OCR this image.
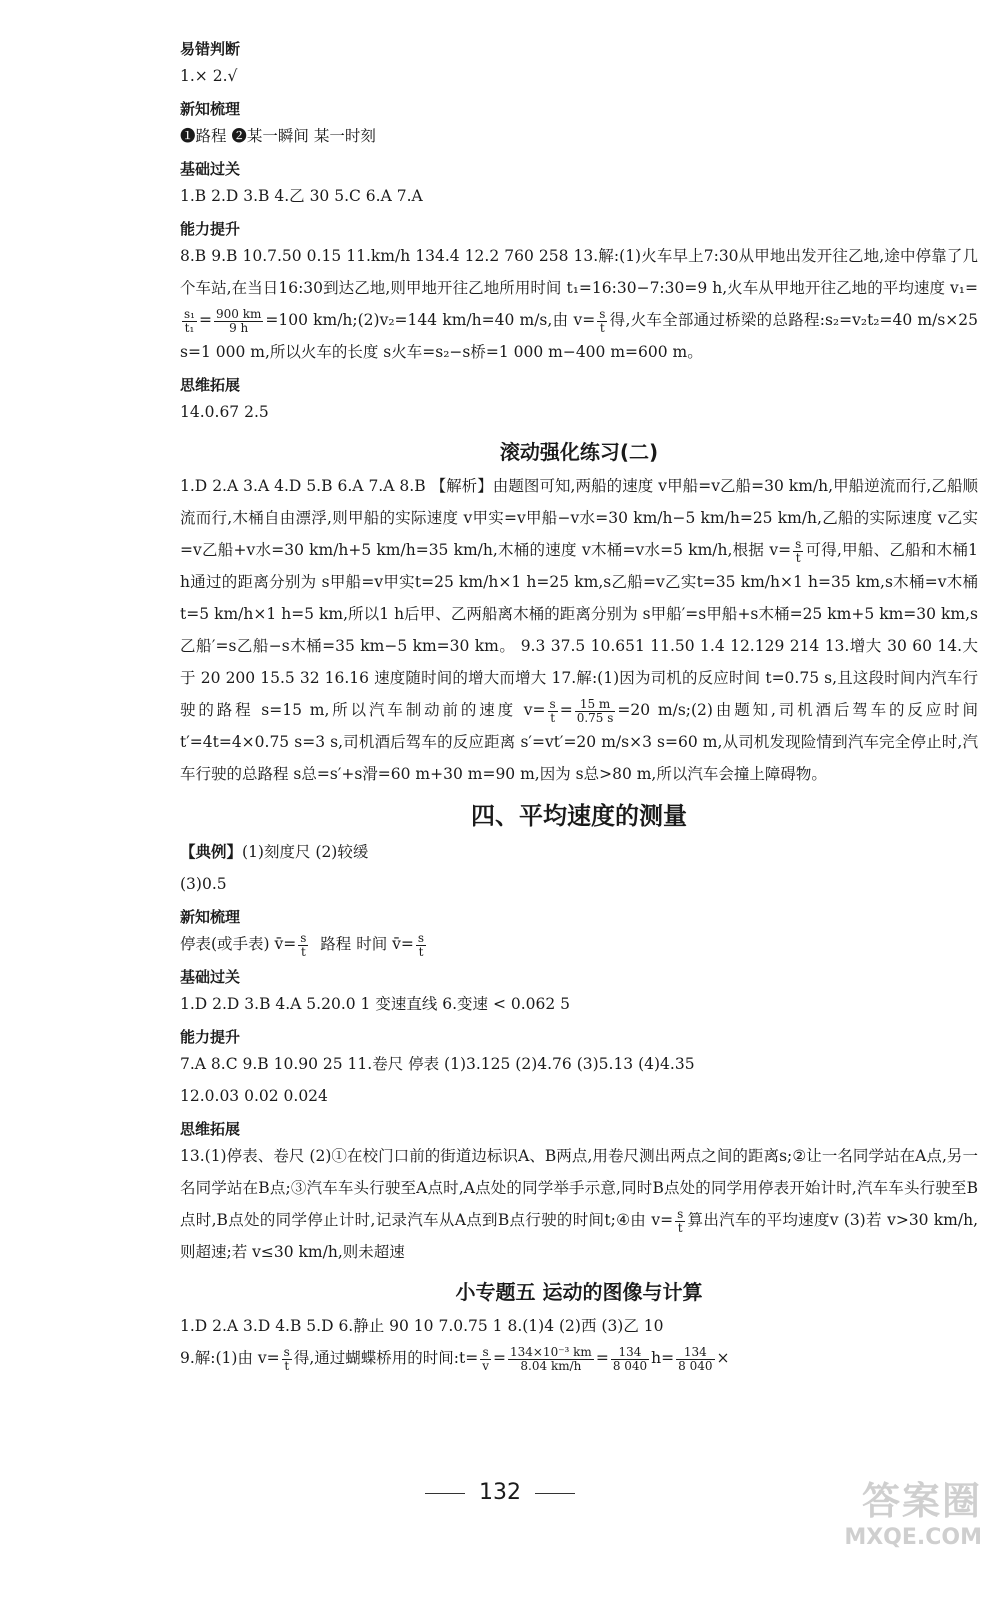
易错判断

1.× 2.√

新知梳理

❶路程 ❷某一瞬间 某一时刻

基础过关

1.B 2.D 3.B 4.乙 30 5.C 6.A 7.A

能力提升

8.B 9.B 10.7.50 0.15 11.km/h 134.4 12.2 760 258 13.解:(1)火车早上7:30从甲地出发开往乙地,途中停靠了几个车站,在当日16:30到达乙地,则甲地开往乙地所用时间 t₁=16:30−7:30=9 h,火车从甲地开往乙地的平均速度 v₁=
$\frac{\text{s₁}}{\text{t₁}} = \frac{900 km}{9 h} =100$ km/h;(2)v₂=144 km/h=40 m/s,由 $v= \frac{s}{t}$ 得,火车全部通过桥梁的总路程:s₂=v₂t₂=40 m/s×25 s=1 000 m,所以火车的长度 s火车=s₂−s桥=1 000 m−400 m=600 m。

思维拓展

14.0.67 2.5

滚动强化练习(二)

1.D 2.A 3.A 4.D 5.B 6.A 7.A 8.B 【解析】由题图可知,两船的速度 v甲船=v乙船=30 km/h,甲船逆流而行,乙船顺流而行,木桶自由漂浮,则甲船的实际速度 v甲实=v甲船−v水=30 km/h−5 km/h=25 km/h,乙船的实际速度 v乙实=v乙船+v水=30 km/h+5 km/h=35 km/h,木桶的速度 v木桶=v水=5 km/h,根据 $v= \frac{s}{t}$ 可得,甲船、乙船和木桶1 h通过的距离分别为 s甲船=v甲实t=25 km/h×1 h=25 km,s乙船=v乙实t=35 km/h×1 h=35 km,s木桶=v木桶t=5 km/h×1 h=5 km,所以1 h后甲、乙两船离木桶的距离分别为 s甲船′=s甲船+s木桶=25 km+5 km=30 km,s乙船′=s乙船−s木桶=35 km−5 km=30 km。 9.3 37.5 10.651 11.50 1.4 12.129 214 13.增大 30 60 14.大于 20 200 15.5 32 16.16 速度随时间的增大而增大 17.解:(1)因为司机的反应时间 t=0.75 s,且这段时间内汽车行驶的路程 s=15 m,所以汽车制动前的速度 $v= \frac{s}{t} = \frac{15 m}{0.75 s} =20$ m/s;(2)由题知,司机酒后驾车的反应时间 t′=4t=4×0.75 s=3 s,司机酒后驾车的反应距离 s′=vt′=20 m/s×3 s=60 m,从司机发现险情到汽车完全停止时,汽车行驶的总路程 s总=s′+s滑=60 m+30 m=90 m,因为 s总>80 m,所以汽车会撞上障碍物。

四、平均速度的测量

【典例】(1)刻度尺 (2)较缓

(3)0.5

新知梳理

停表(或手表) v̄= $\frac{s}{t}$ 路程 时间 v̄= $\frac{s}{t}$

基础过关

1.D 2.D 3.B 4.A 5.20.0 1 变速直线 6.变速 < 0.062 5

能力提升

7.A 8.C 9.B 10.90 25 11.卷尺 停表 (1)3.125 (2)4.76 (3)5.13 (4)4.35

12.0.03 0.02 0.024

思维拓展

13.(1)停表、卷尺 (2)①在校门口前的街道边标识A、B两点,用卷尺测出两点之间的距离s;②让一名同学站在A点,另一名同学站在B点;③汽车车头行驶至A点时,A点处的同学举手示意,同时B点处的同学用停表开始计时,汽车车头行驶至B点时,B点处的同学停止计时,记录汽车从A点到B点行驶的时间t;④由 $v= \frac{s}{t}$ 算出汽车的平均速度v (3)若 v>30 km/h,则超速;若 v≤30 km/h,则未超速

小专题五 运动的图像与计算

1.D 2.A 3.D 4.B 5.D 6.静止 90 10 7.0.75 1 8.(1)4 (2)西 (3)乙 10

9.解:(1)由 $v= \frac{s}{t}$ 得,通过蝴蝶桥用的时间:t= $\frac{s}{v} = \frac{\text{134×10⁻³ km}}{8.04 km/h} = \frac{134}{8 040} h= \frac{134}{8 040}$ ×

132	答案圈
MXQE.COM
